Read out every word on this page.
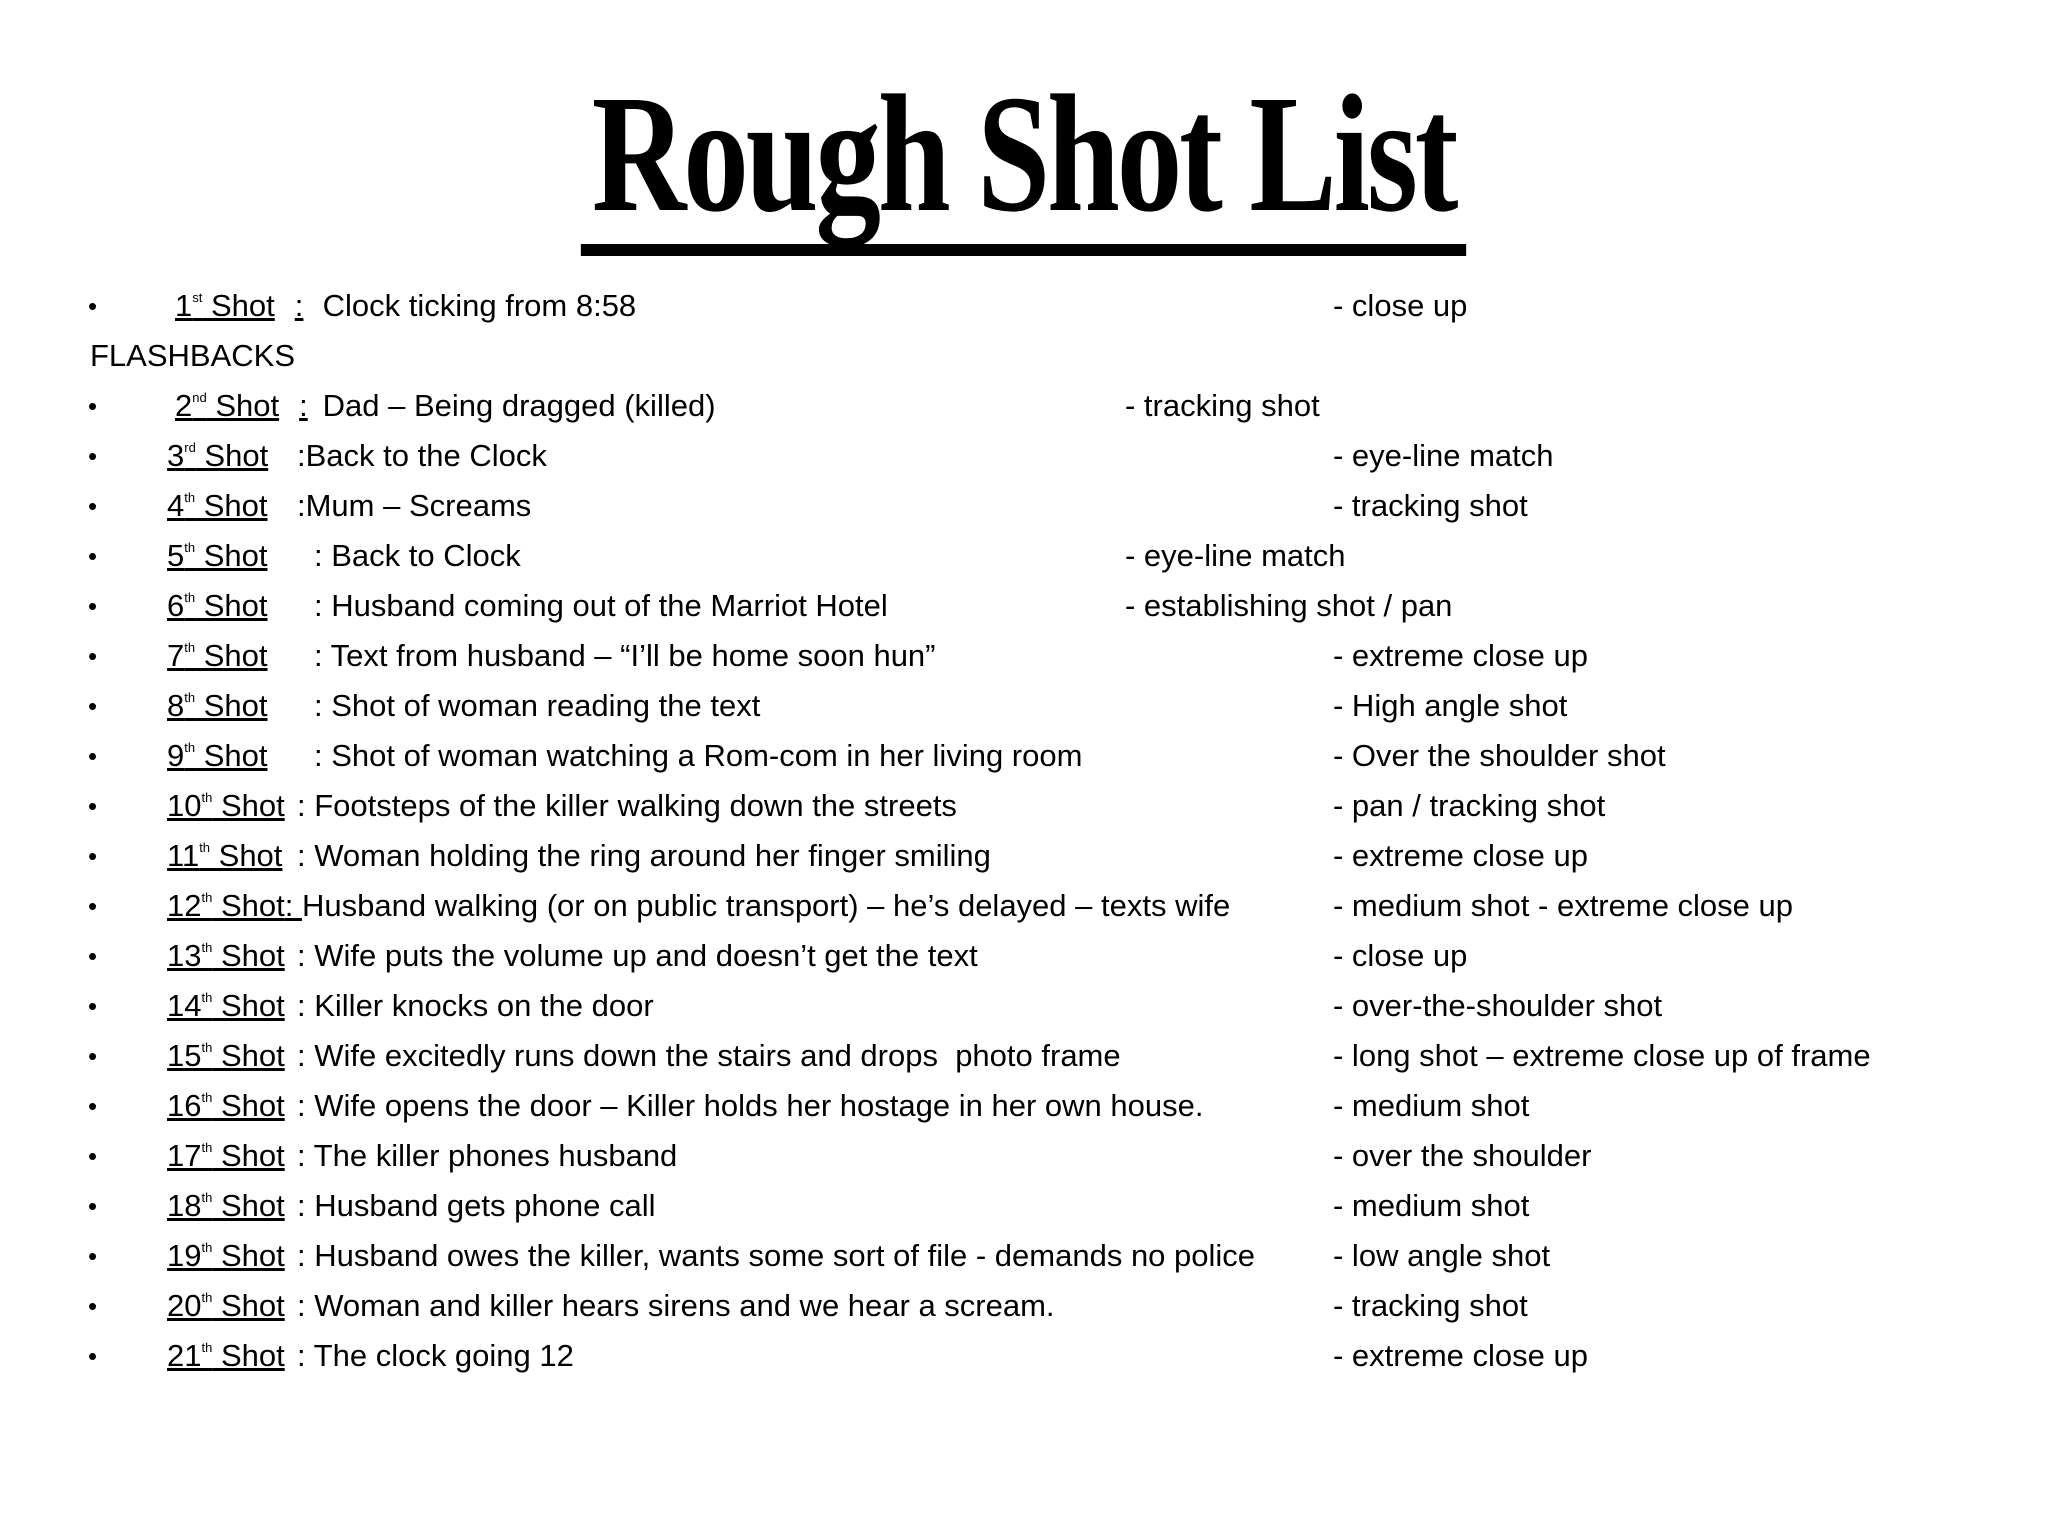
Rough Shot List
•	1st Shot : Clock ticking from 8:58	- close up
FLASHBACKS
•	2nd Shot : Dad – Being dragged (killed)	- tracking shot
• 3rd Shot :Back to the Clock	- eye-line match
• 4th Shot :Mum – Screams	- tracking shot
• 5th Shot : Back to Clock	- eye-line match
• 6th Shot : Husband coming out of the Marriot Hotel	- establishing shot / pan
• 7th Shot : Text from husband – “I’ll be home soon hun”	- extreme close up
• 8th Shot : Shot of woman reading the text	- High angle shot
• 9th Shot : Shot of woman watching a Rom-com in her living room	- Over the shoulder shot
• 10th Shot : Footsteps of the killer walking down the streets	- pan / tracking shot
• 11th Shot : Woman holding the ring around her finger smiling	- extreme close up
• 12th Shot: Husband walking (or on public transport) – he’s delayed – texts wife	- medium shot - extreme close up
• 13th Shot : Wife puts the volume up and doesn’t get the text	- close up
• 14th Shot : Killer knocks on the door	- over-the-shoulder shot
• 15th Shot : Wife excitedly runs down the stairs and drops  photo frame	- long shot – extreme close up of frame
• 16th Shot : Wife opens the door – Killer holds her hostage in her own house.	- medium shot
• 17th Shot : The killer phones husband	- over the shoulder
• 18th Shot : Husband gets phone call	- medium shot
• 19th Shot : Husband owes the killer, wants some sort of file - demands no police	- low angle shot
• 20th Shot : Woman and killer hears sirens and we hear a scream.	- tracking shot
• 21th Shot : The clock going 12	- extreme close up
